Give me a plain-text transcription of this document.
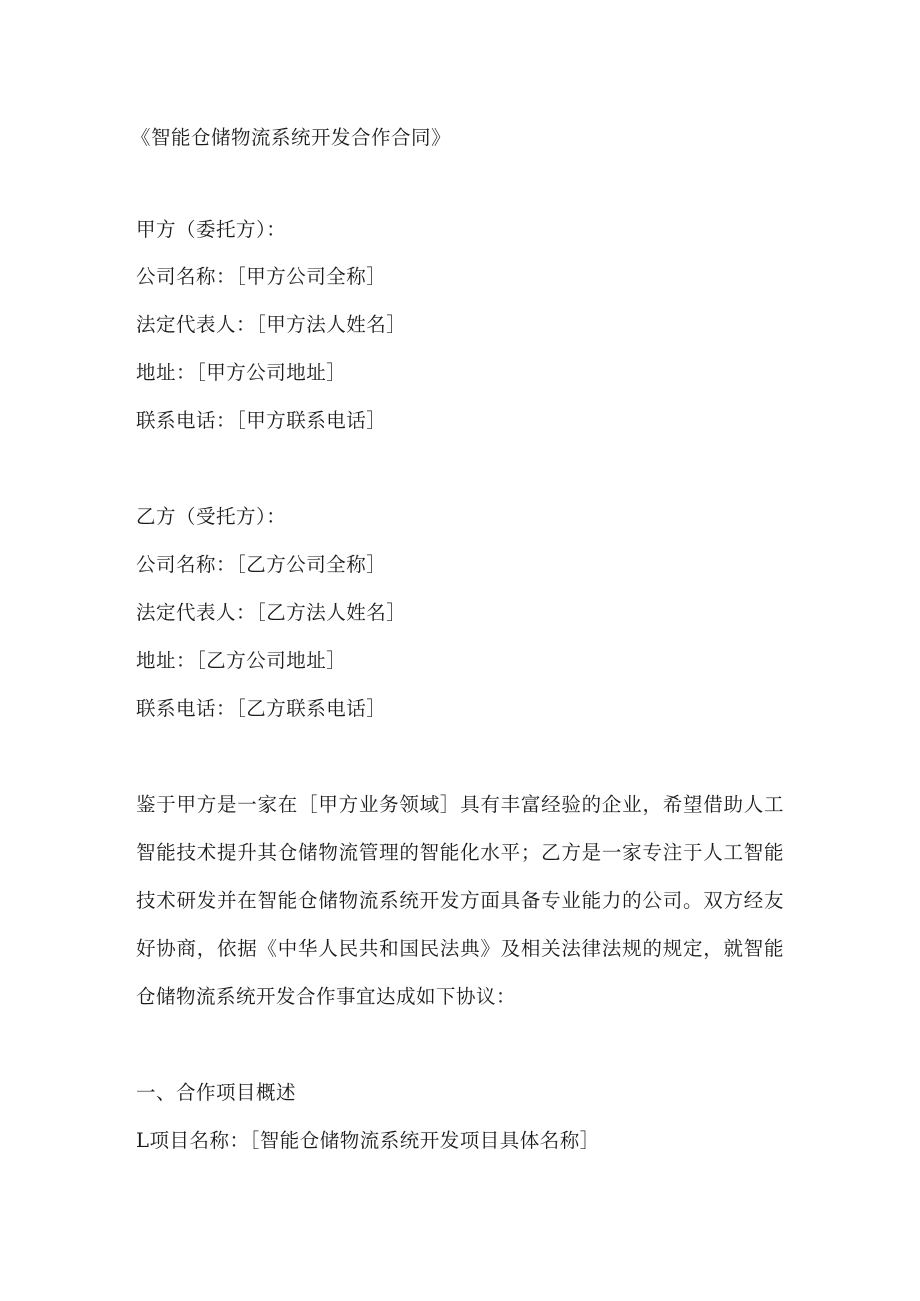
《智能仓储物流系统开发合作合同》
甲方（委托方）：
公司名称：［甲方公司全称］
法定代表人：［甲方法人姓名］
地址：［甲方公司地址］
联系电话：［甲方联系电话］
乙方（受托方）：
公司名称：［乙方公司全称］
法定代表人：［乙方法人姓名］
地址：［乙方公司地址］
联系电话：［乙方联系电话］
鉴于甲方是一家在［甲方业务领域］具有丰富经验的企业，希望借助人工智能技术提升其仓储物流管理的智能化水平；乙方是一家专注于人工智能技术研发并在智能仓储物流系统开发方面具备专业能力的公司。双方经友好协商，依据《中华人民共和国民法典》及相关法律法规的规定，就智能仓储物流系统开发合作事宜达成如下协议：
一、合作项目概述
L项目名称：［智能仓储物流系统开发项目具体名称］
